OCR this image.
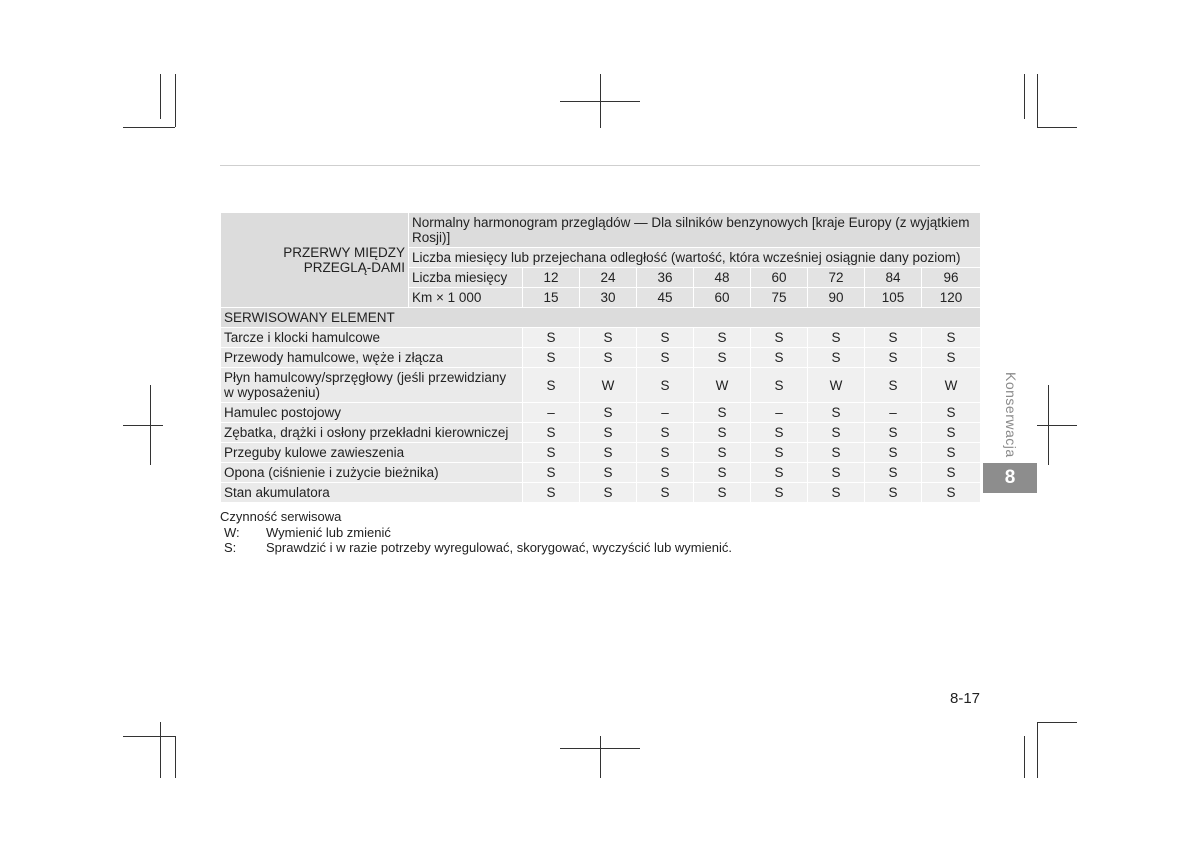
PRZERWY MIĘDZY PRZEGLĄ-DAMI	Normalny harmonogram przeglądów — Dla silników benzynowych [kraje Europy (z wyjątkiem Rosji)]								
	Liczba miesięcy lub przejechana odległość (wartość, która wcześniej osiągnie dany poziom)								
	Liczba miesięcy	12	24	36	48	60	72	84	96
	Km × 1 000	15	30	45	60	75	90	105	120
SERWISOWANY ELEMENT									
Tarcze i klocki hamulcowe		S	S	S	S	S	S	S	S
Przewody hamulcowe, węże i złącza		S	S	S	S	S	S	S	S
Płyn hamulcowy/sprzęgłowy (jeśli przewidziany w wyposażeniu)		S	W	S	W	S	W	S	W
Hamulec postojowy		–	S	–	S	–	S	–	S
Zębatka, drążki i osłony przekładni kierowniczej		S	S	S	S	S	S	S	S
Przeguby kulowe zawieszenia		S	S	S	S	S	S	S	S
Opona (ciśnienie i zużycie bieżnika)		S	S	S	S	S	S	S	S
Stan akumulatora		S	S	S	S	S	S	S	S
Czynność serwisowa
W:	Wymienić lub zmienić
S:	Sprawdzić i w razie potrzeby wyregulować, skorygować, wyczyścić lub wymienić.
Konserwacja
8
8-17
